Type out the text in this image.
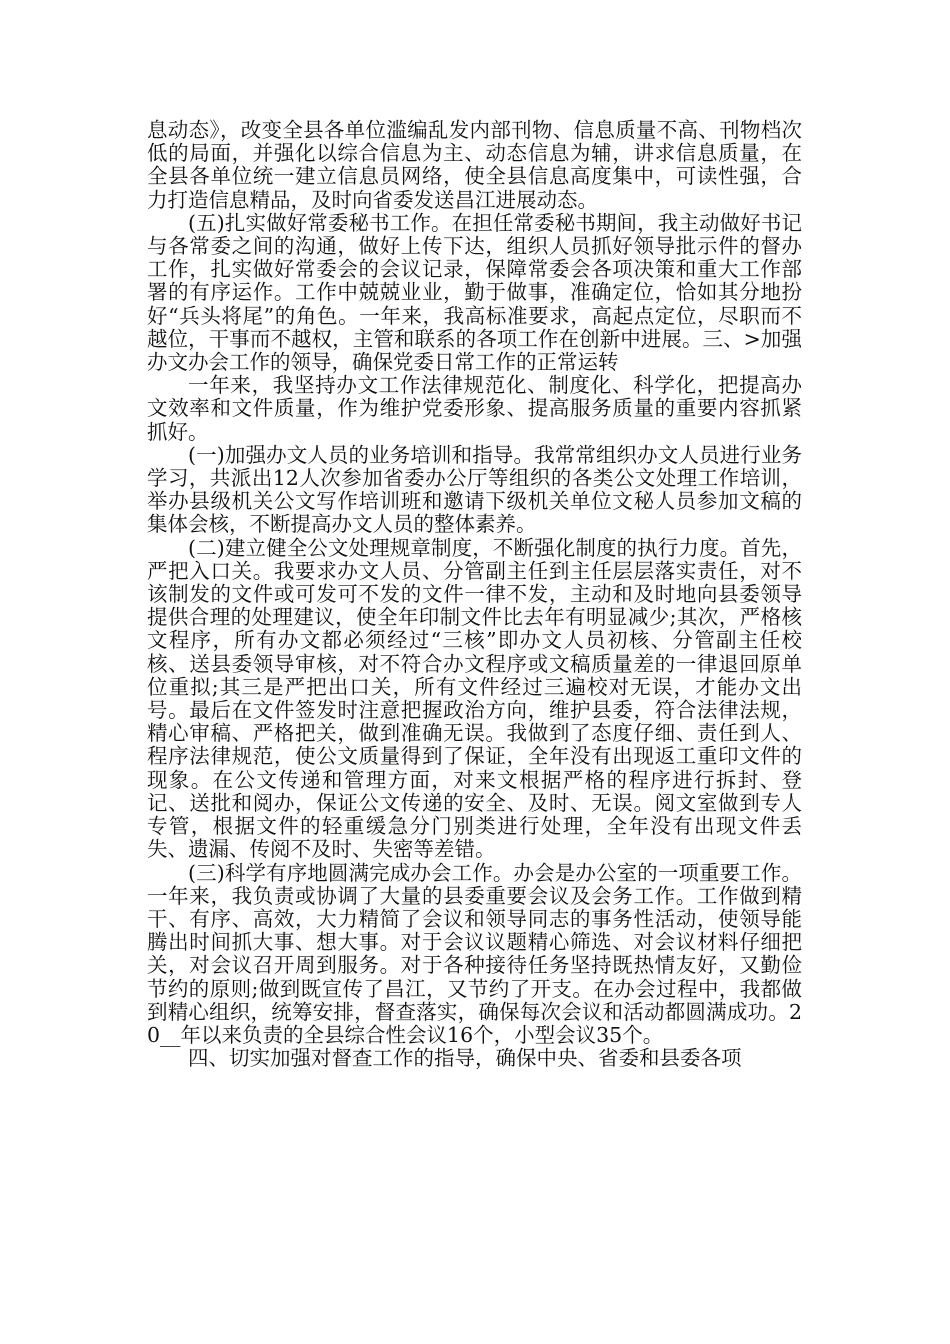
息动态》，改变全县各单位滥编乱发内部刊物、信息质量不高、刊物档次低的局面，并强化以综合信息为主、动态信息为辅，讲求信息质量，在全县各单位统一建立信息员网络，使全县信息高度集中，可读性强，合力打造信息精品，及时向省委发送昌江进展动态。

(五)扎实做好常委秘书工作。在担任常委秘书期间，我主动做好书记与各常委之间的沟通，做好上传下达，组织人员抓好领导批示件的督办工作，扎实做好常委会的会议记录，保障常委会各项决策和重大工作部署的有序运作。工作中兢兢业业，勤于做事，准确定位，恰如其分地扮好“兵头将尾”的角色。一年来，我高标准要求，高起点定位，尽职而不越位，干事而不越权，主管和联系的各项工作在创新中进展。三、>加强办文办会工作的领导，确保党委日常工作的正常运转

一年来，我坚持办文工作法律规范化、制度化、科学化，把提高办文效率和文件质量，作为维护党委形象、提高服务质量的重要内容抓紧抓好。

(一)加强办文人员的业务培训和指导。我常常组织办文人员进行业务学习，共派出12人次参加省委办公厅等组织的各类公文处理工作培训，举办县级机关公文写作培训班和邀请下级机关单位文秘人员参加文稿的集体会核，不断提高办文人员的整体素养。

(二)建立健全公文处理规章制度，不断强化制度的执行力度。首先，严把入口关。我要求办文人员、分管副主任到主任层层落实责任，对不该制发的文件或可发可不发的文件一律不发，主动和及时地向县委领导提供合理的处理建议，使全年印制文件比去年有明显减少;其次，严格核文程序，所有办文都必须经过“三核”即办文人员初核、分管副主任校核、送县委领导审核，对不符合办文程序或文稿质量差的一律退回原单位重拟;其三是严把出口关，所有文件经过三遍校对无误，才能办文出号。最后在文件签发时注意把握政治方向，维护县委，符合法律法规，精心审稿、严格把关，做到准确无误。我做到了态度仔细、责任到人、程序法律规范，使公文质量得到了保证，全年没有出现返工重印文件的现象。在公文传递和管理方面，对来文根据严格的程序进行拆封、登记、送批和阅办，保证公文传递的安全、及时、无误。阅文室做到专人专管，根据文件的轻重缓急分门别类进行处理，全年没有出现文件丢失、遗漏、传阅不及时、失密等差错。

(三)科学有序地圆满完成办会工作。办会是办公室的一项重要工作。一年来，我负责或协调了大量的县委重要会议及会务工作。工作做到精干、有序、高效，大力精简了会议和领导同志的事务性活动，使领导能腾出时间抓大事、想大事。对于会议议题精心筛选、对会议材料仔细把关，对会议召开周到服务。对于各种接待任务坚持既热情友好，又勤俭节约的原则;做到既宣传了昌江，又节约了开支。在办会过程中，我都做到精心组织，统筹安排，督查落实，确保每次会议和活动都圆满成功。20__年以来负责的全县综合性会议16个，小型会议35个。

四、切实加强对督查工作的指导，确保中央、省委和县委各项
